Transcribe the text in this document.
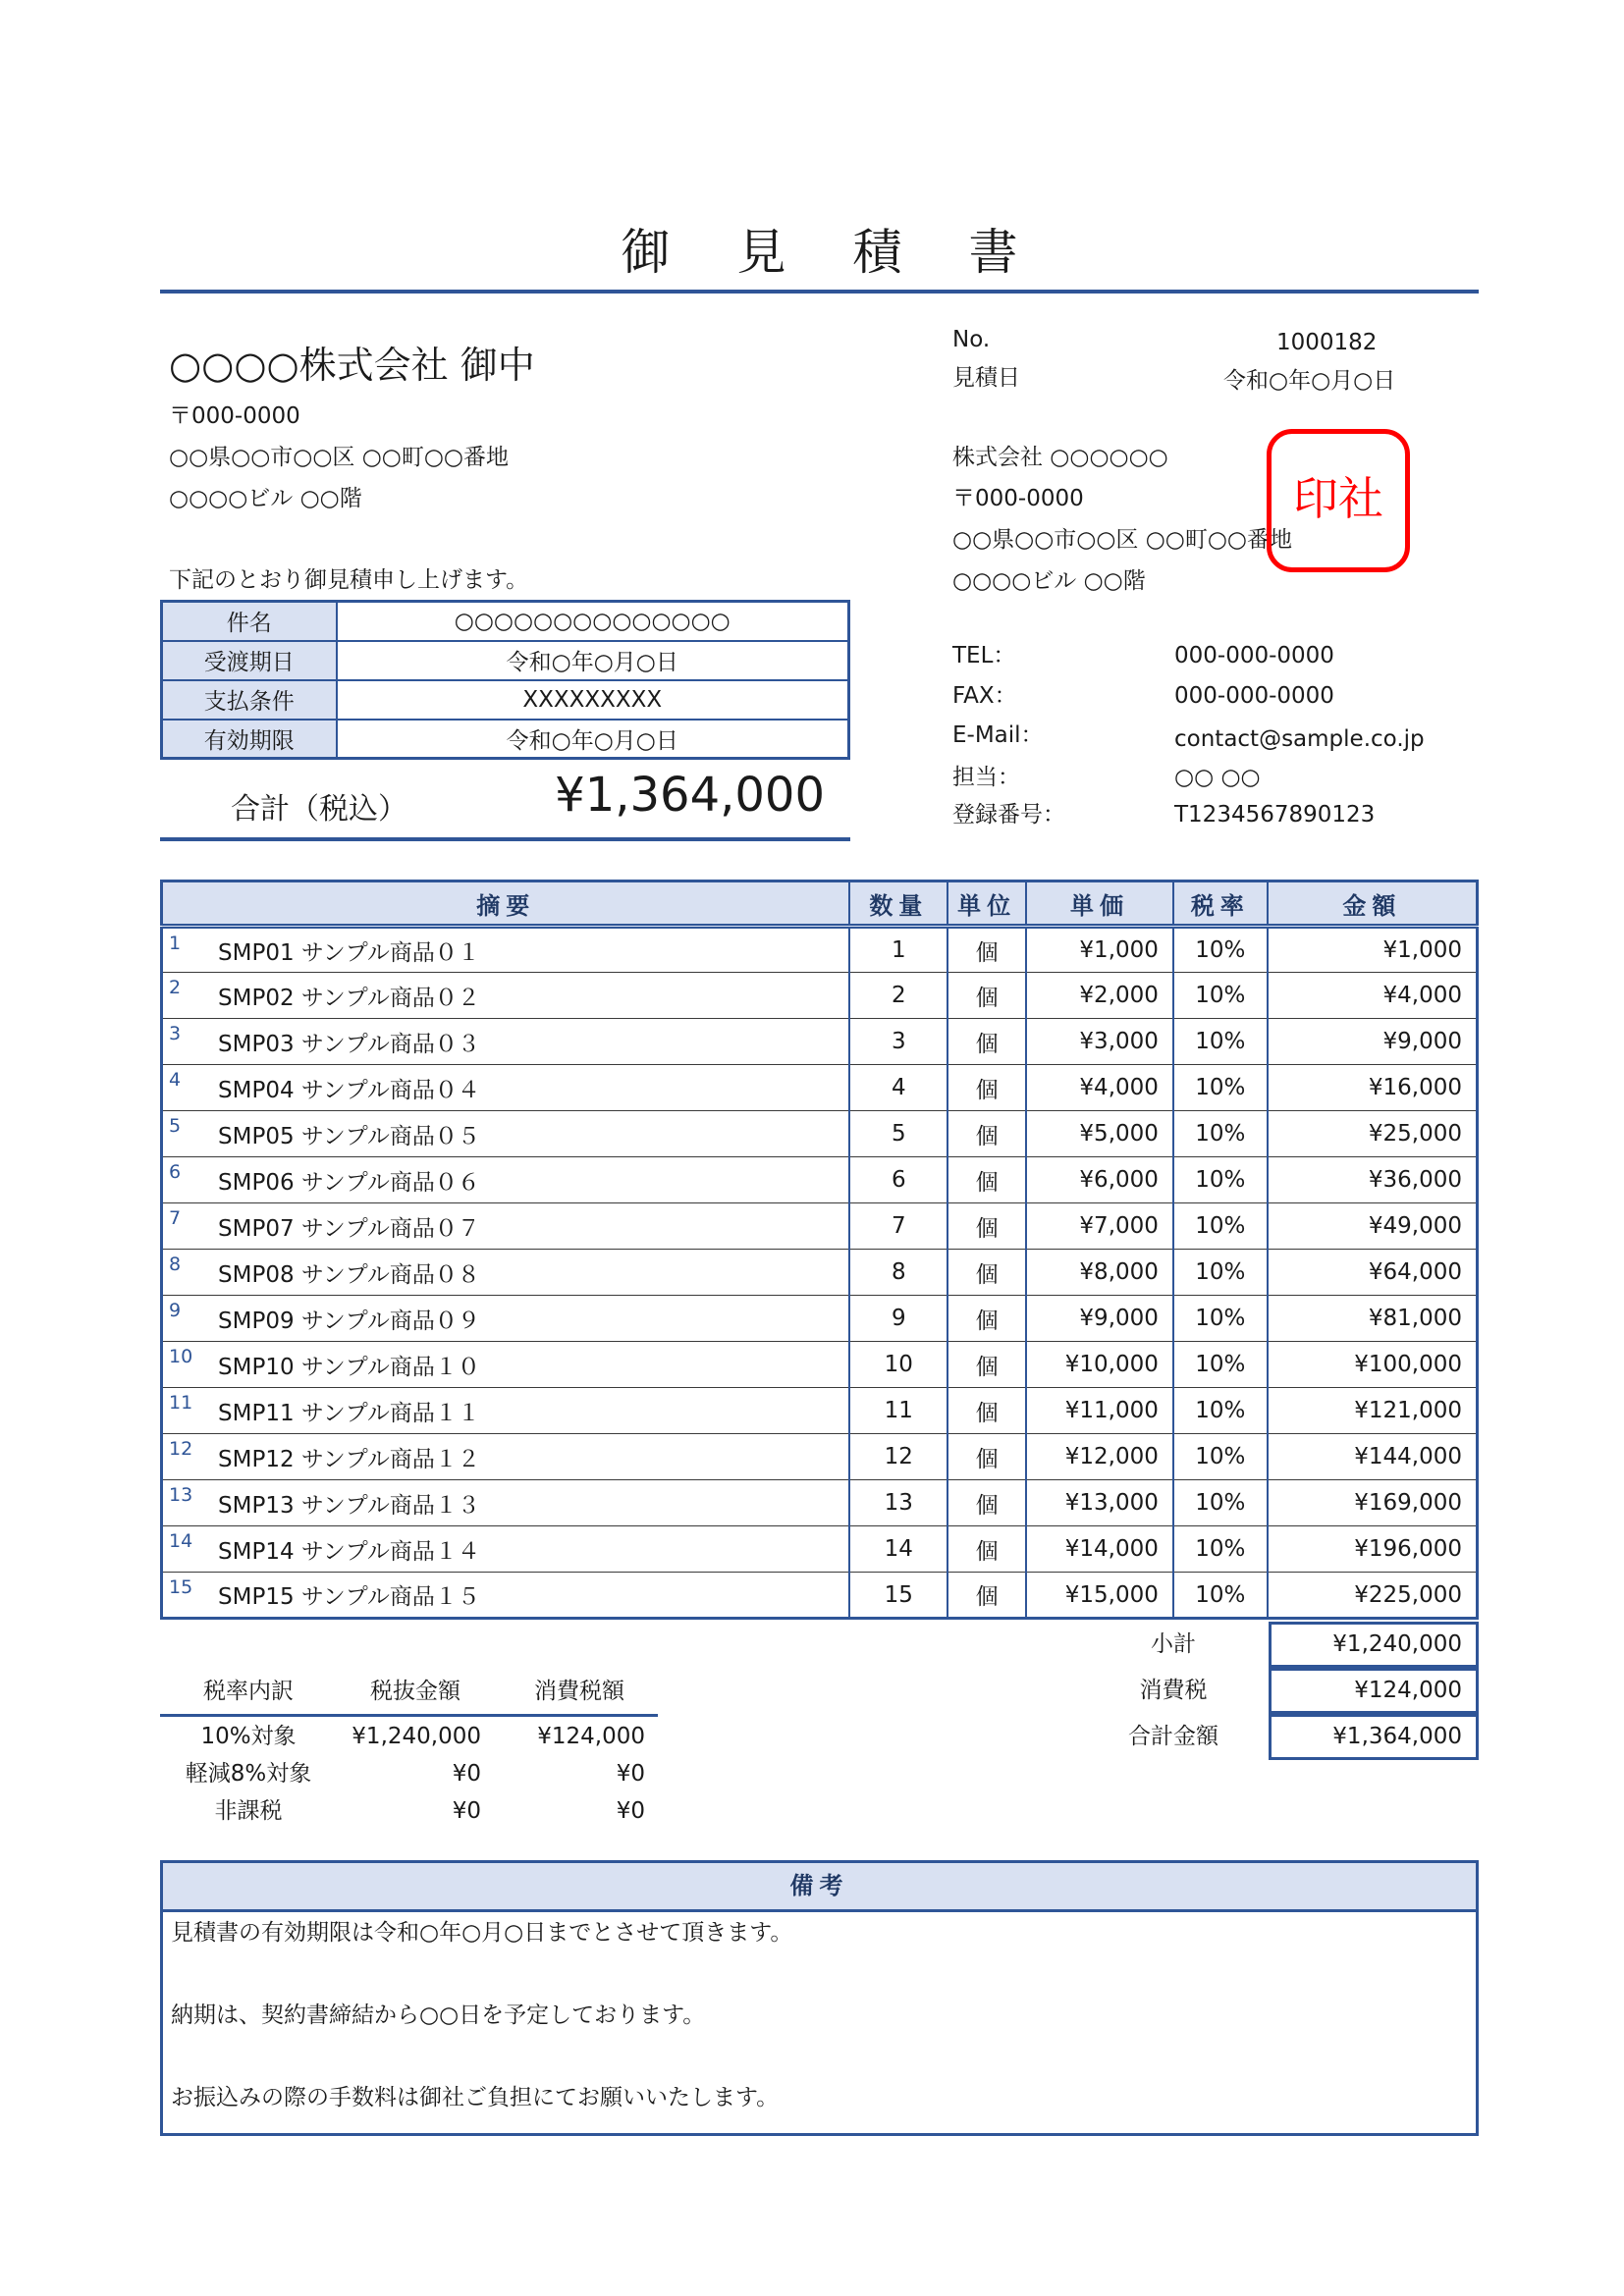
御 見 積 書
○○○○株式会社 御中
〒000-0000
○○県○○市○○区 ○○町○○番地
○○○○ビル ○○階
No.	1000182
見積日	令和○年○月○日
株式会社 ○○○○○○
〒000-0000
○○県○○市○○区 ○○町○○番地
○○○○ビル ○○階
印社
TEL：	000-000-0000
FAX：	000-000-0000
E-Mail：	contact@sample.co.jp
担当：	○○ ○○
登録番号：	T1234567890123
下記のとおり御見積申し上げます。
件名	○○○○○○○○○○○○○○
受渡期日	令和○年○月○日
支払条件	XXXXXXXXX
有効期限	令和○年○月○日
合計（税込）	¥1,364,000
摘要	数量	単位	単価	税率	金額

1 SMP01 サンプル商品０１	1	個	¥1,000	10%	¥1,000

2 SMP02 サンプル商品０２	2	個	¥2,000	10%	¥4,000

3 SMP03 サンプル商品０３	3	個	¥3,000	10%	¥9,000

4 SMP04 サンプル商品０４	4	個	¥4,000	10%	¥16,000

5 SMP05 サンプル商品０５	5	個	¥5,000	10%	¥25,000

6 SMP06 サンプル商品０６	6	個	¥6,000	10%	¥36,000

7 SMP07 サンプル商品０７	7	個	¥7,000	10%	¥49,000

8 SMP08 サンプル商品０８	8	個	¥8,000	10%	¥64,000

9 SMP09 サンプル商品０９	9	個	¥9,000	10%	¥81,000

10 SMP10 サンプル商品１０	10	個	¥10,000	10%	¥100,000

11 SMP11 サンプル商品１１	11	個	¥11,000	10%	¥121,000

12 SMP12 サンプル商品１２	12	個	¥12,000	10%	¥144,000

13 SMP13 サンプル商品１３	13	個	¥13,000	10%	¥169,000

14 SMP14 サンプル商品１４	14	個	¥14,000	10%	¥196,000

15 SMP15 サンプル商品１５	15	個	¥15,000	10%	¥225,000
小計	¥1,240,000
消費税	¥124,000
合計金額	¥1,364,000
税率内訳	税抜金額	消費税額
10%対象	¥1,240,000	¥124,000
軽減8%対象	¥0	¥0
非課税	¥0	¥0
備考
見積書の有効期限は令和○年○月○日までとさせて頂きます。
納期は、契約書締結から○○日を予定しております。
お振込みの際の手数料は御社ご負担にてお願いいたします。
